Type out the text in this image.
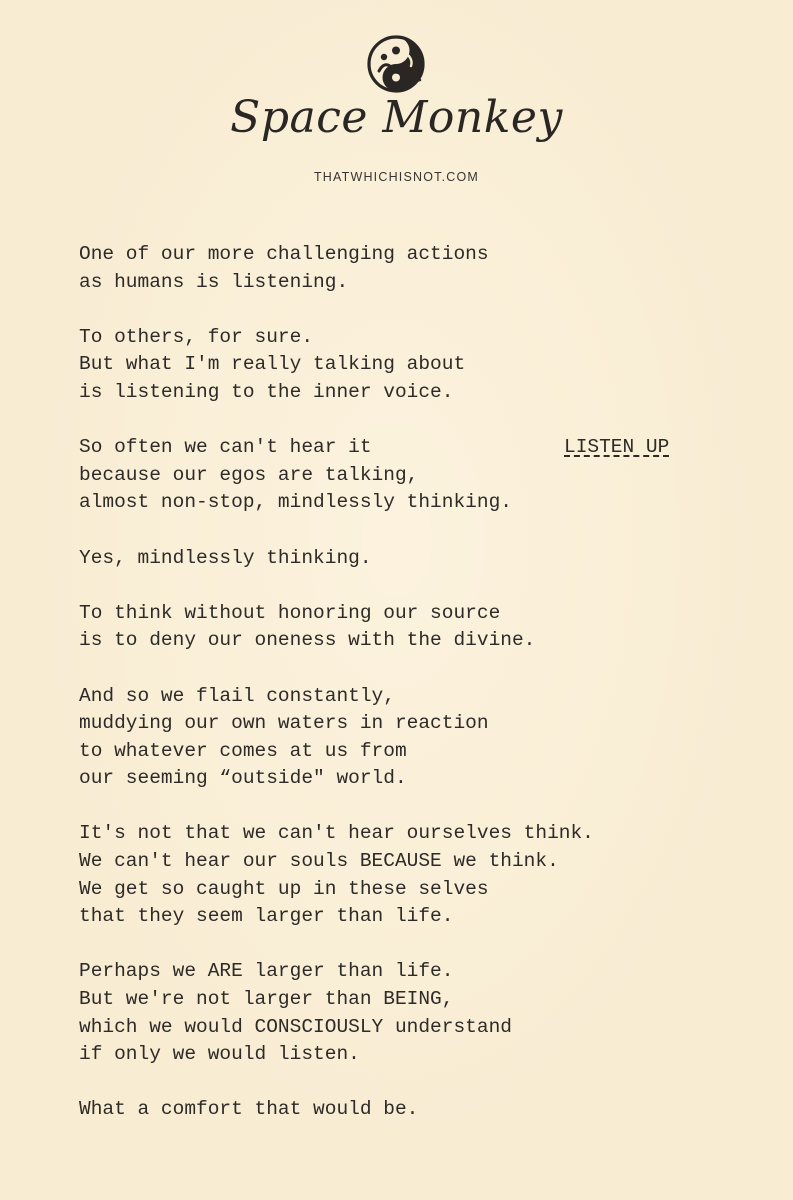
Space Monkey
THATWHICHISNOT.COM
LISTEN UP
One of our more challenging actions
as humans is listening.
To others, for sure.
But what I'm really talking about
is listening to the inner voice.
So often we can't hear it
because our egos are talking,
almost non-stop, mindlessly thinking.
Yes, mindlessly thinking.
To think without honoring our source
is to deny our oneness with the divine.
And so we flail constantly,
muddying our own waters in reaction
to whatever comes at us from
our seeming “outside" world.
It's not that we can't hear ourselves think.
We can't hear our souls BECAUSE we think.
We get so caught up in these selves
that they seem larger than life.
Perhaps we ARE larger than life.
But we're not larger than BEING,
which we would CONSCIOUSLY understand
if only we would listen.
What a comfort that would be.
